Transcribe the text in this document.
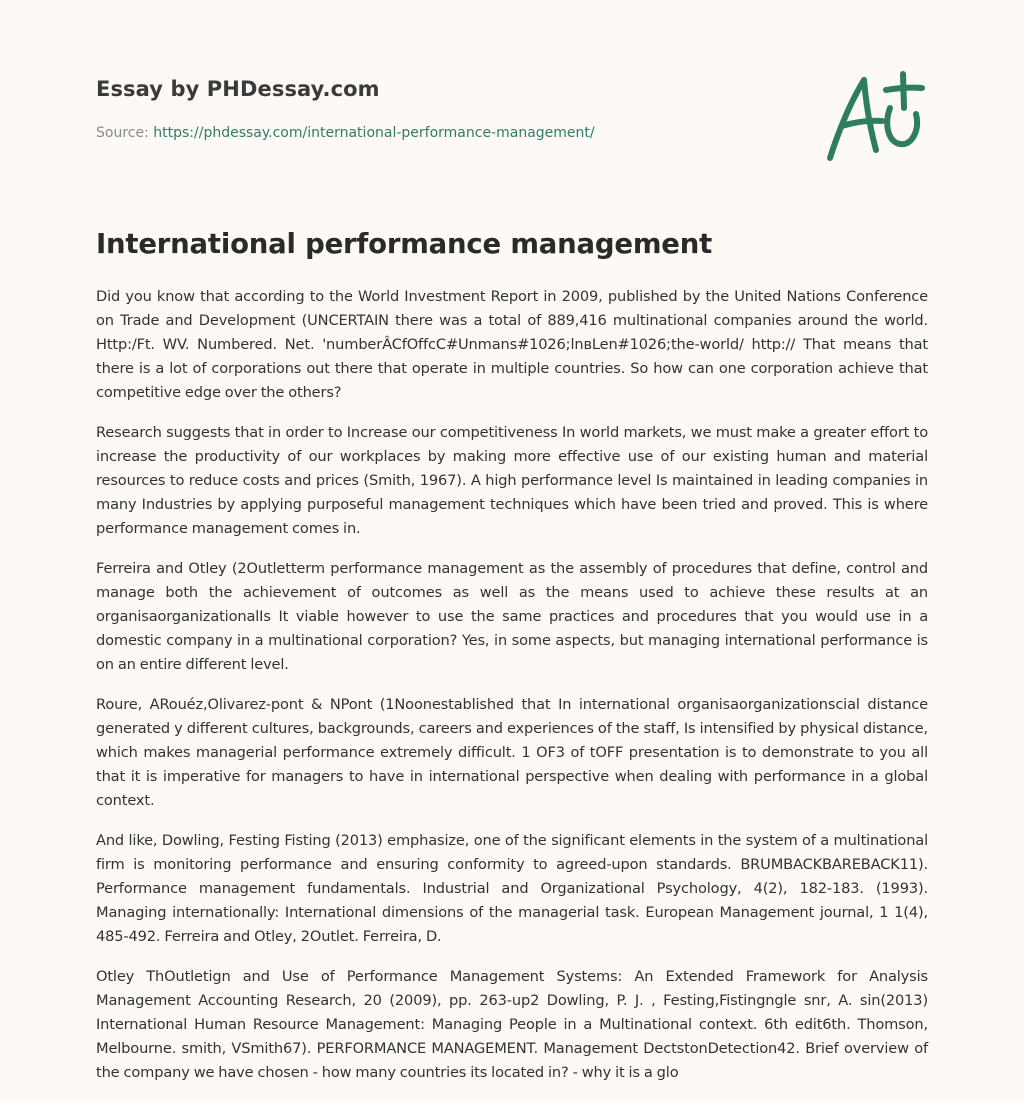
Essay by PHDessay.com
Source: https://phdessay.com/international-performance-management/
International performance management

Did you know that according to the World Investment Report in 2009, published by the United Nations Conference on Trade and Development (UNCERTAIN there was a total of 889,416 multinational companies around the world. Http:/Ft. WV. Numbered. Net. 'numberÂCfOffcC#Unmans#1026;lnвLen#1026;the-world/ http:// That means that there is a lot of corporations out there that operate in multiple countries. So how can one corporation achieve that competitive edge over the others?

Research suggests that in order to Increase our competitiveness In world markets, we must make a greater effort to increase the productivity of our workplaces by making more effective use of our existing human and material resources to reduce costs and prices (Smith, 1967). A high performance level Is maintained in leading companies in many Industries by applying purposeful management techniques which have been tried and proved. This is where performance management comes in.

Ferreira and Otley (2Outletterm performance management as the assembly of procedures that define, control and manage both the achievement of outcomes as well as the means used to achieve these results at an organisaorganizationalIs It viable however to use the same practices and procedures that you would use in a domestic company in a multinational corporation? Yes, in some aspects, but managing international performance is on an entire different level.

Roure, ARouéz,Olivarez-pont & NPont (1Noonestablished that In international organisaorganizationscial distance generated y different cultures, backgrounds, careers and experiences of the staff, Is intensified by physical distance, which makes managerial performance extremely difficult. 1 OF3 of tOFF presentation is to demonstrate to you all that it is imperative for managers to have in international perspective when dealing with performance in a global context.

And like, Dowling, Festing Fisting (2013) emphasize, one of the significant elements in the system of a multinational firm is monitoring performance and ensuring conformity to agreed-upon standards. BRUMBACKBAREBACK11). Performance management fundamentals. Industrial and Organizational Psychology, 4(2), 182-183. (1993). Managing internationally: International dimensions of the managerial task. European Management journal, 1 1(4), 485-492. Ferreira and Otley, 2Outlet. Ferreira, D.

Otley ThOutletign and Use of Performance Management Systems: An Extended Framework for Analysis Management Accounting Research, 20 (2009), pp. 263-up2 Dowling, P. J. , Festing,Fistingngle snr, A. sin(2013) International Human Resource Management: Managing People in a Multinational context. 6th edit6th. Thomson, Melbourne. smith, VSmith67). PERFORMANCE MANAGEMENT. Management DectstonDetection42. Brief overview of the company we have chosen - how many countries its located in? - why it is a glo
